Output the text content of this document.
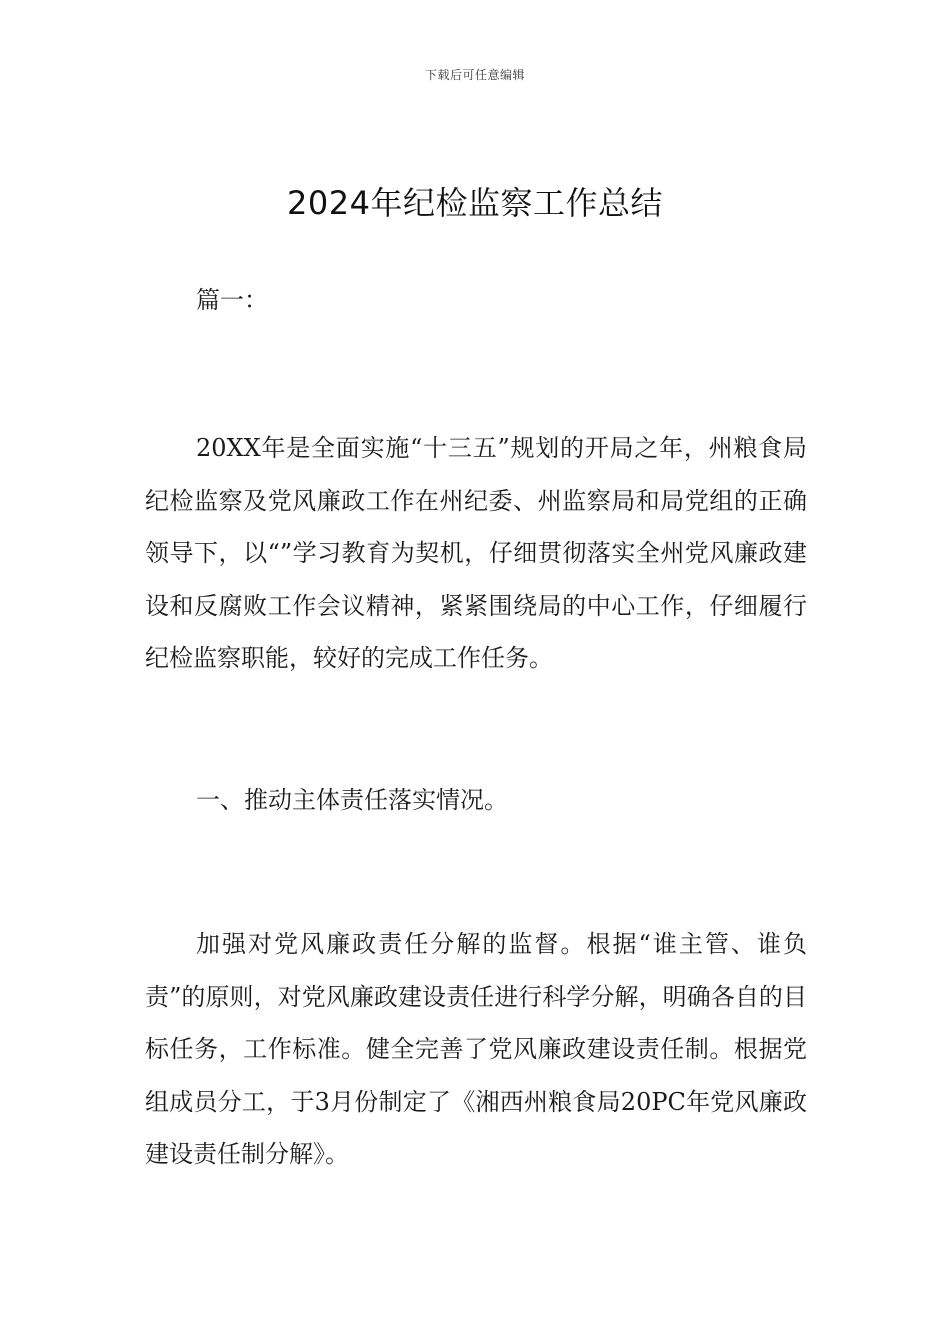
下载后可任意编辑
2024年纪检监察工作总结
篇一：

20XX年是全面实施“十三五”规划的开局之年，州粮食局纪检监察及党风廉政工作在州纪委、州监察局和局党组的正确领导下，以“”学习教育为契机，仔细贯彻落实全州党风廉政建设和反腐败工作会议精神，紧紧围绕局的中心工作，仔细履行纪检监察职能，较好的完成工作任务。

一、推动主体责任落实情况。

加强对党风廉政责任分解的监督。根据“谁主管、谁负责”的原则，对党风廉政建设责任进行科学分解，明确各自的目标任务，工作标准。健全完善了党风廉政建设责任制。根据党组成员分工，于3月份制定了《湘西州粮食局20PC年党风廉政建设责任制分解》。
